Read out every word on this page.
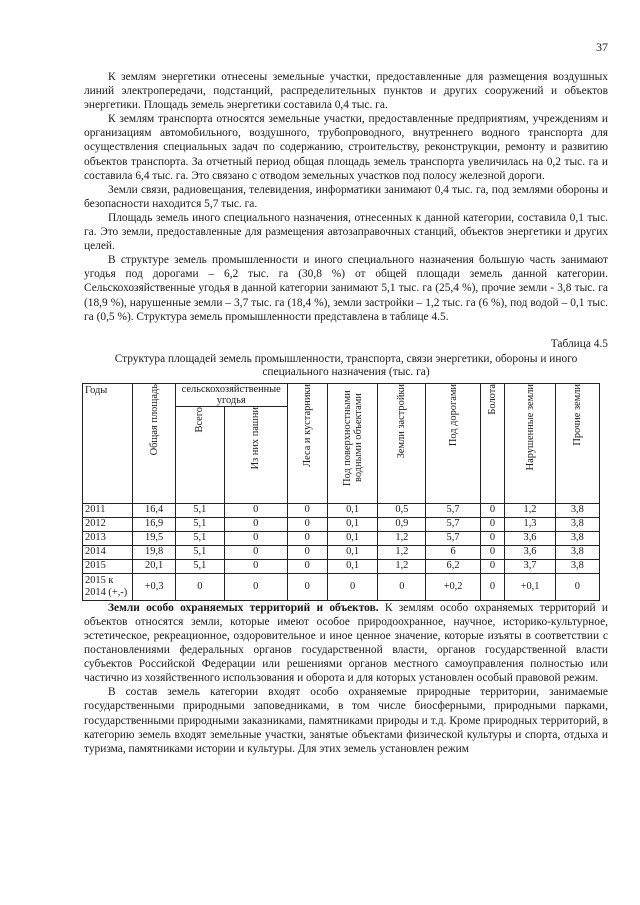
37

К землям энергетики отнесены земельные участки, предоставленные для размещения воздушных линий электропередачи, подстанций, распределительных пунктов и других сооружений и объектов энергетики. Площадь земель энергетики составила 0,4 тыс. га.

К землям транспорта относятся земельные участки, предоставленные предприятиям, учреждениям и организациям автомобильного, воздушного, трубопроводного, внутреннего водного транспорта для осуществления специальных задач по содержанию, строительству, реконструкции, ремонту и развитию объектов транспорта. За отчетный период общая площадь земель транспорта увеличилась на 0,2 тыс. га и составила 6,4 тыс. га. Это связано с отводом земельных участков под полосу железной дороги.

Земли связи, радиовещания, телевидения, информатики занимают 0,4 тыс. га, под землями обороны и безопасности находится 5,7 тыс. га.

Площадь земель иного специального назначения, отнесенных к данной категории, составила 0,1 тыс. га. Это земли, предоставленные для размещения автозаправочных станций, объектов энергетики и других целей.

В структуре земель промышленности и иного специального назначения большую часть занимают угодья под дорогами – 6,2 тыс. га (30,8 %) от общей площади земель данной категории. Сельскохозяйственные угодья в данной категории занимают 5,1 тыс. га (25,4 %), прочие земли - 3,8 тыс. га (18,9 %), нарушенные земли – 3,7 тыс. га (18,4 %), земли застройки – 1,2 тыс. га (6 %), под водой – 0,1 тыс. га (0,5 %). Структура земель промышленности представлена в таблице 4.5.

Таблица 4.5
Структура площадей земель промышленности, транспорта, связи энергетики, обороны и иного специального назначения (тыс. га)
Годы	Общая площадь	сельскохозяйственные угодья		Леса и кустарники	Под поверхностными водными объектами	Земли застройки	Под дорогами	Болота	Нарушенные земли	Прочие земли
		Всего	Из них пашни							
2011	16,4	5,1	0	0	0,1	0,5	5,7	0	1,2	3,8
2012	16,9	5,1	0	0	0,1	0,9	5,7	0	1,3	3,8
2013	19,5	5,1	0	0	0,1	1,2	5,7	0	3,6	3,8
2014	19,8	5,1	0	0	0,1	1,2	6	0	3,6	3,8
2015	20,1	5,1	0	0	0,1	1,2	6,2	0	3,7	3,8
2015 к 2014 (+,-)	+0,3	0	0	0	0	0	+0,2	0	+0,1	0

Земли особо охраняемых территорий и объектов. К землям особо охраняемых территорий и объектов относятся земли, которые имеют особое природоохранное, научное, историко-культурное, эстетическое, рекреационное, оздоровительное и иное ценное значение, которые изъяты в соответствии с постановлениями федеральных органов государственной власти, органов государственной власти субъектов Российской Федерации или решениями органов местного самоуправления полностью или частично из хозяйственного использования и оборота и для которых установлен особый правовой режим.

В состав земель категории входят особо охраняемые природные территории, занимаемые государственными природными заповедниками, в том числе биосферными, природными парками, государственными природными заказниками, памятниками природы и т.д. Кроме природных территорий, в категорию земель входят земельные участки, занятые объектами физической культуры и спорта, отдыха и туризма, памятниками истории и культуры. Для этих земель установлен режим
